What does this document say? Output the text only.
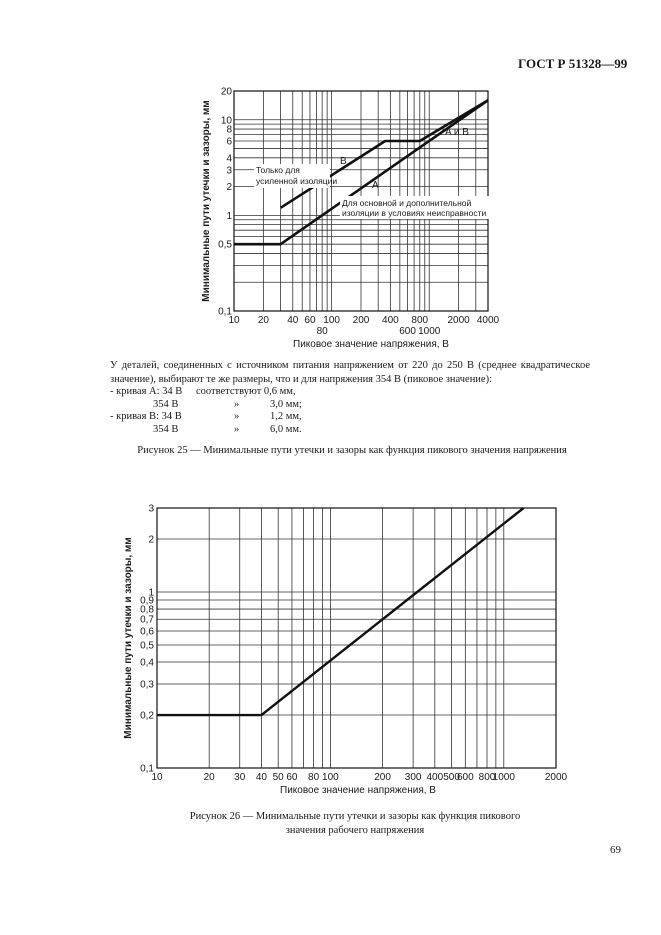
ГОСТ Р 51328—99
0,1
0,5
1
2
3
4
6
8
10
20
10 20 40 60 100 200 400 800 2000 4000
80	600 1000
Пиковое значение напряжения, В
Минимальные пути утечки и зазоры, мм	B
A
A и B
Только для
усиленной изоляции
Для основной и дополнительной
изоляции в условиях неисправности
0,1
0,2
0,3
0,4
0,5
0,6
0,7
0,8
0,9
1
2
3
10	20 30 40 50 60 80 100	200 300 400 500
600 800
1000	2000
Пиковое значение напряжения, В
Минимальные пути утечки и зазоры, мм
У деталей, соединенных с источником питания напряжением от 220 до 250 В (среднее квадратическое значение), выбирают те же размеры, что и для напряжения 354 В (пиковое значение):
- кривая А: 34 В соответствуют 0,6 мм,
354 В	»	3,0 мм;
- кривая В: 34 В	»	1,2 мм,
354 В	»	6,0 мм.
Рисунок 25 — Минимальные пути утечки и зазоры как функция пикового значения напряжения
Рисунок 26 — Минимальные пути утечки и зазоры как функция пикового
значения рабочего напряжения
69
